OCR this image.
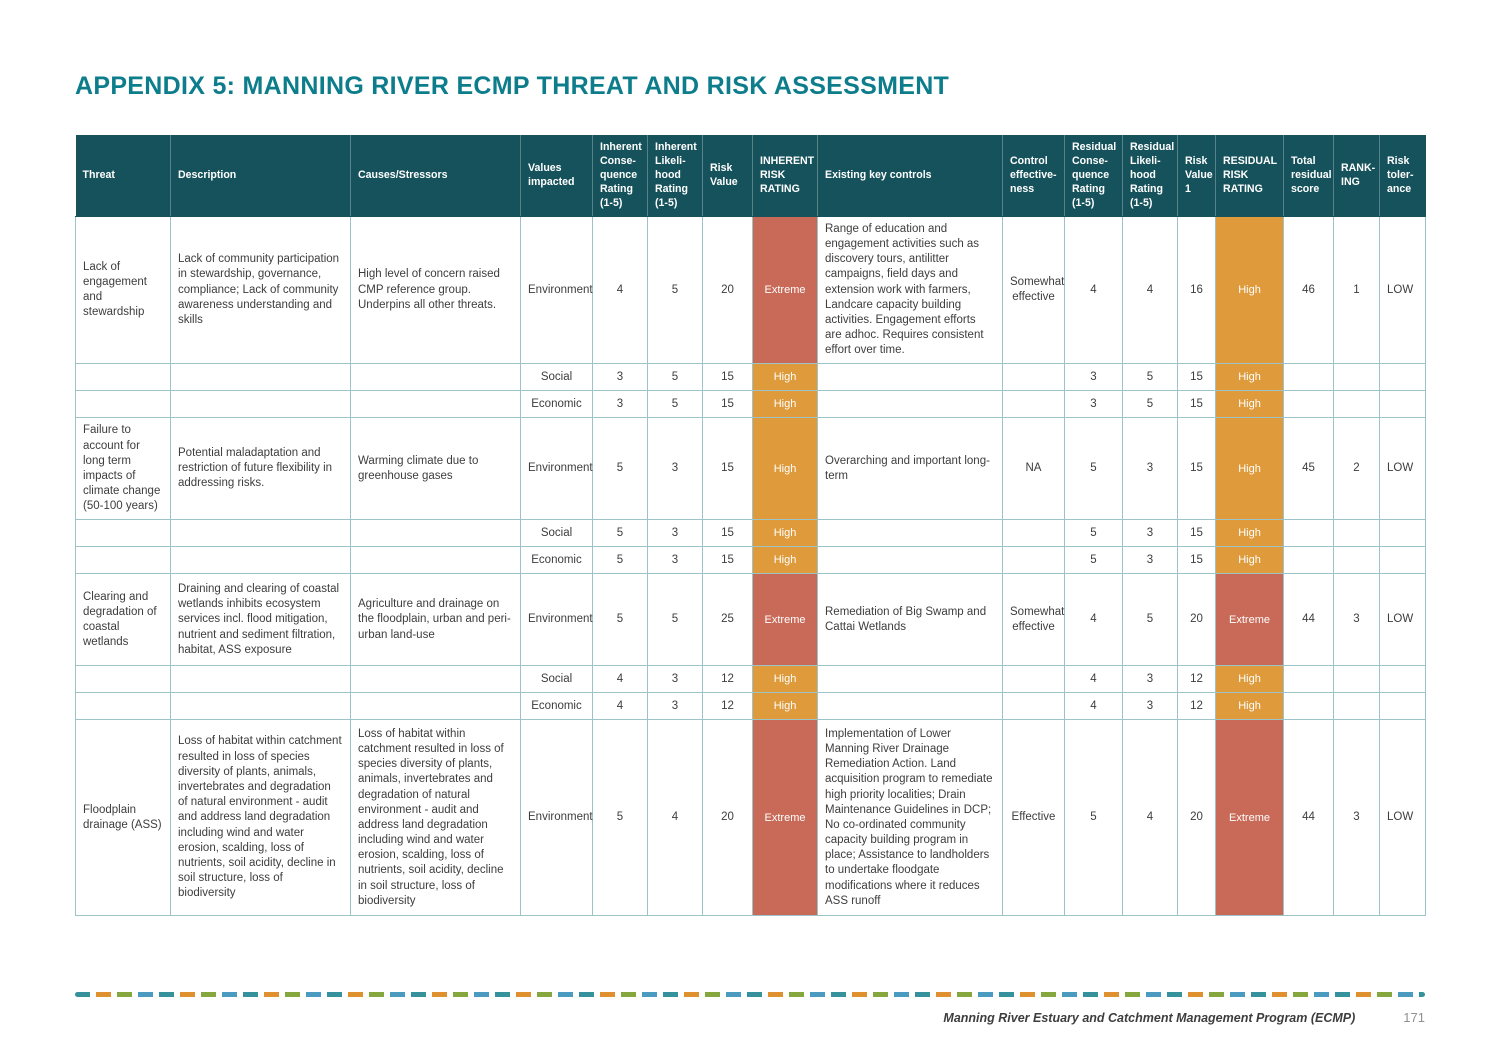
APPENDIX 5: MANNING RIVER ECMP THREAT AND RISK ASSESSMENT
Threat	Description	Causes/Stressors	Values impacted	Inherent Conse-quence Rating (1-5)	Inherent Likeli-hood Rating (1-5)	Risk Value	INHERENT RISK RATING	Existing key controls	Control effective-ness	Residual Conse-quence Rating (1-5)	Residual Likeli-hood Rating (1-5)	Risk Value 1	RESIDUAL RISK RATING	Total residual score	RANK-ING	Risk toler-ance
Lack of engagement and stewardship	Lack of community participation in stewardship, governance, compliance; Lack of community awareness understanding and skills	High level of concern raised CMP reference group. Underpins all other threats.	Environment	4	5	20	Extreme	Range of education and engagement activities such as discovery tours, antilitter campaigns, field days and extension work with farmers, Landcare capacity building activities. Engagement efforts are adhoc. Requires consistent effort over time.	Somewhat effective	4	4	16	High	46	1	LOW
			Social	3	5	15	High			3	5	15	High			
			Economic	3	5	15	High			3	5	15	High			
Failure to account for long term impacts of climate change (50-100 years)	Potential maladaptation and restriction of future flexibility in addressing risks.	Warming climate due to greenhouse gases	Environment	5	3	15	High	Overarching and important long-term	NA	5	3	15	High	45	2	LOW
			Social	5	3	15	High			5	3	15	High			
			Economic	5	3	15	High			5	3	15	High			
Clearing and degradation of coastal wetlands	Draining and clearing of coastal wetlands inhibits ecosystem services incl. flood mitigation, nutrient and sediment filtration, habitat, ASS exposure	Agriculture and drainage on the floodplain, urban and peri-urban land-use	Environment	5	5	25	Extreme	Remediation of Big Swamp and Cattai Wetlands	Somewhat effective	4	5	20	Extreme	44	3	LOW
			Social	4	3	12	High			4	3	12	High			
			Economic	4	3	12	High			4	3	12	High			
Floodplain drainage (ASS)	Loss of habitat within catchment resulted in loss of species diversity of plants, animals, invertebrates and degradation of natural environment - audit and address land degradation including wind and water erosion, scalding, loss of nutrients, soil acidity, decline in soil structure, loss of biodiversity	Loss of habitat within catchment resulted in loss of species diversity of plants, animals, invertebrates and degradation of natural environment - audit and address land degradation including wind and water erosion, scalding, loss of nutrients, soil acidity, decline in soil structure, loss of biodiversity	Environment	5	4	20	Extreme	Implementation of Lower Manning River Drainage Remediation Action. Land acquisition program to remediate high priority localities; Drain Maintenance Guidelines in DCP; No co-ordinated community capacity building program in place; Assistance to landholders to undertake floodgate modifications where it reduces ASS runoff	Effective	5	4	20	Extreme	44	3	LOW
Manning River Estuary and Catchment Management Program (ECMP)	171
